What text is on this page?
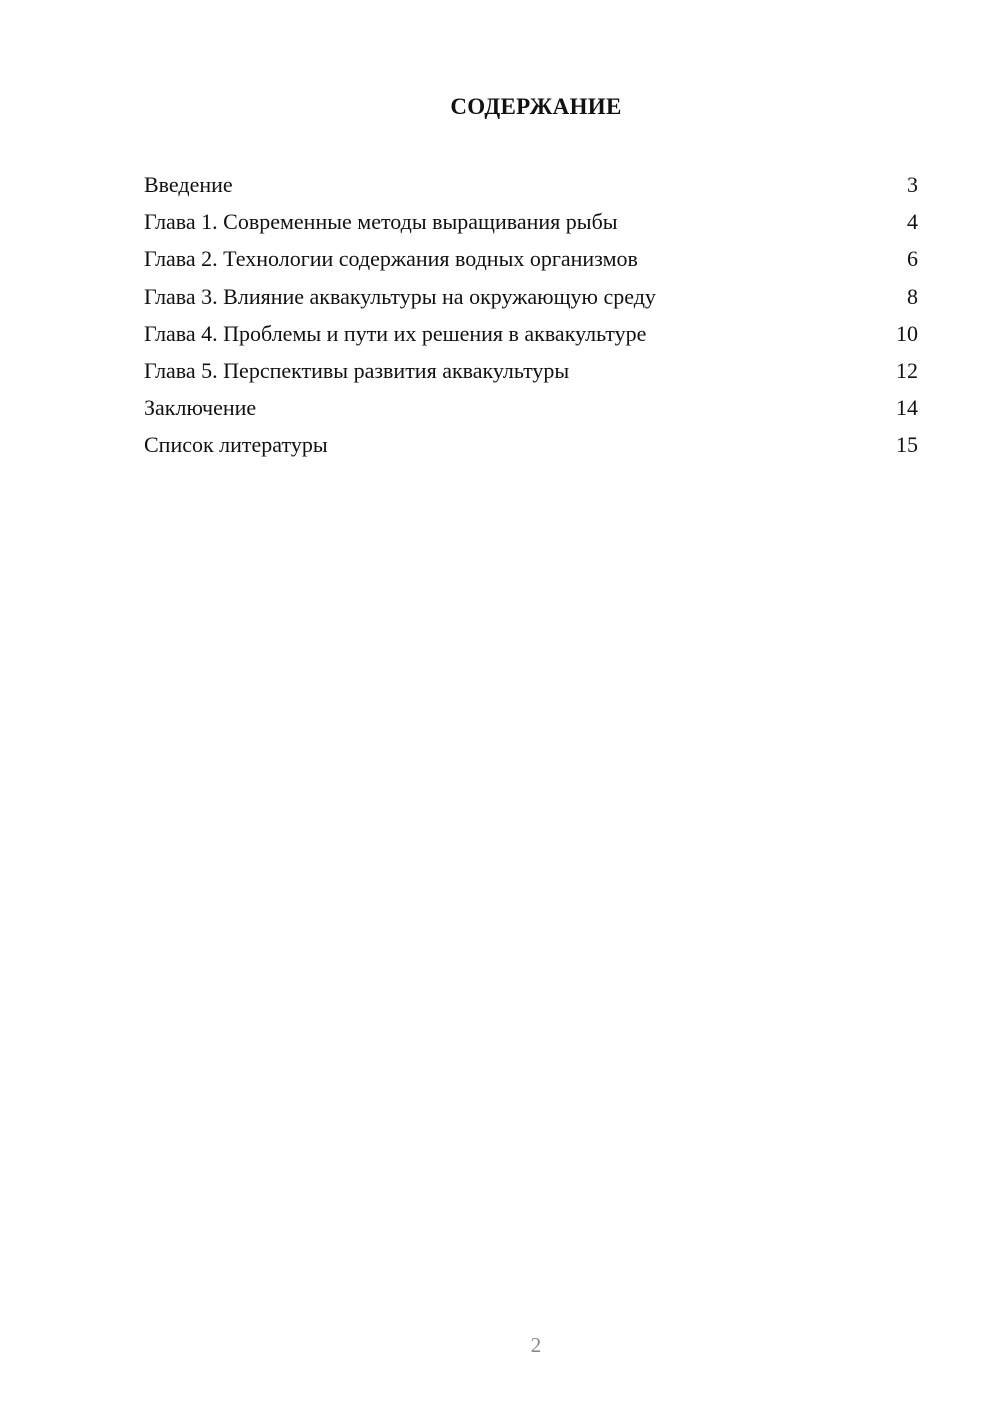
СОДЕРЖАНИЕ
Введение	3
Глава 1. Современные методы выращивания рыбы	4
Глава 2. Технологии содержания водных организмов	6
Глава 3. Влияние аквакультуры на окружающую среду	8
Глава 4. Проблемы и пути их решения в аквакультуре	10
Глава 5. Перспективы развития аквакультуры	12
Заключение	14
Список литературы	15
2
